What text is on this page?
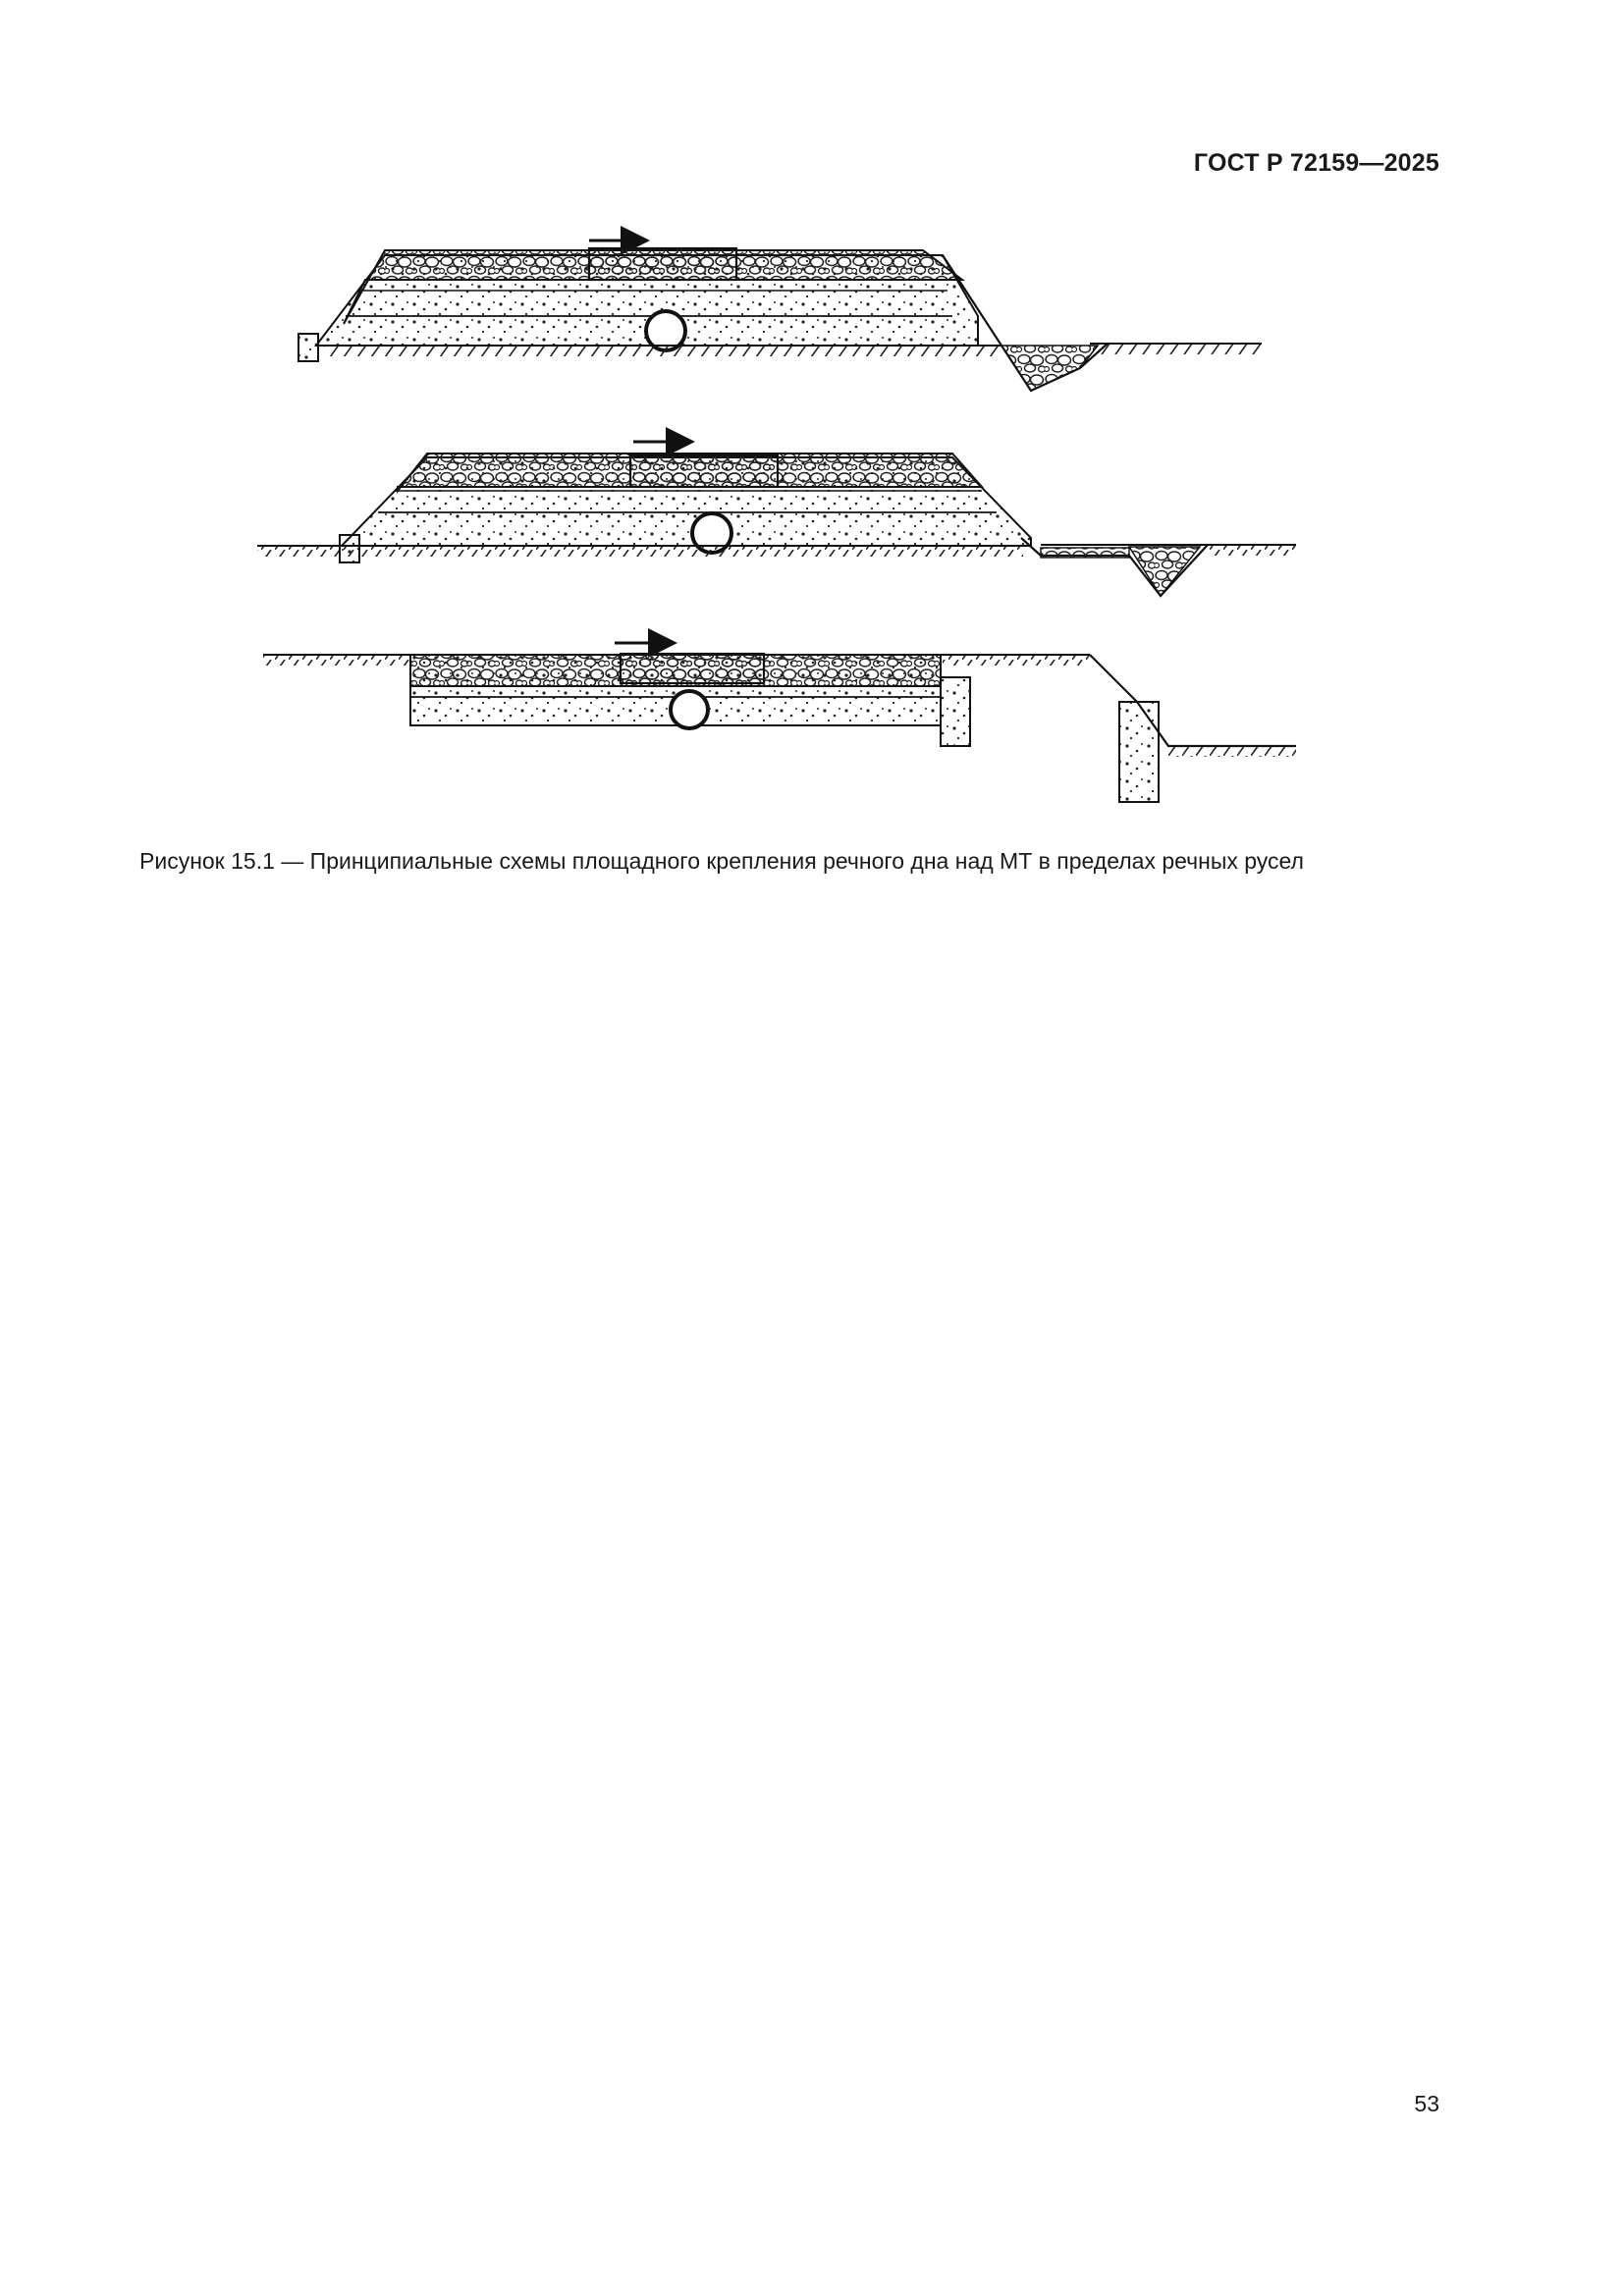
ГОСТ Р 72159—2025
Рисунок 15.1 — Принципиальные схемы площадного крепления речного дна над МТ в пределах речных русел
53
